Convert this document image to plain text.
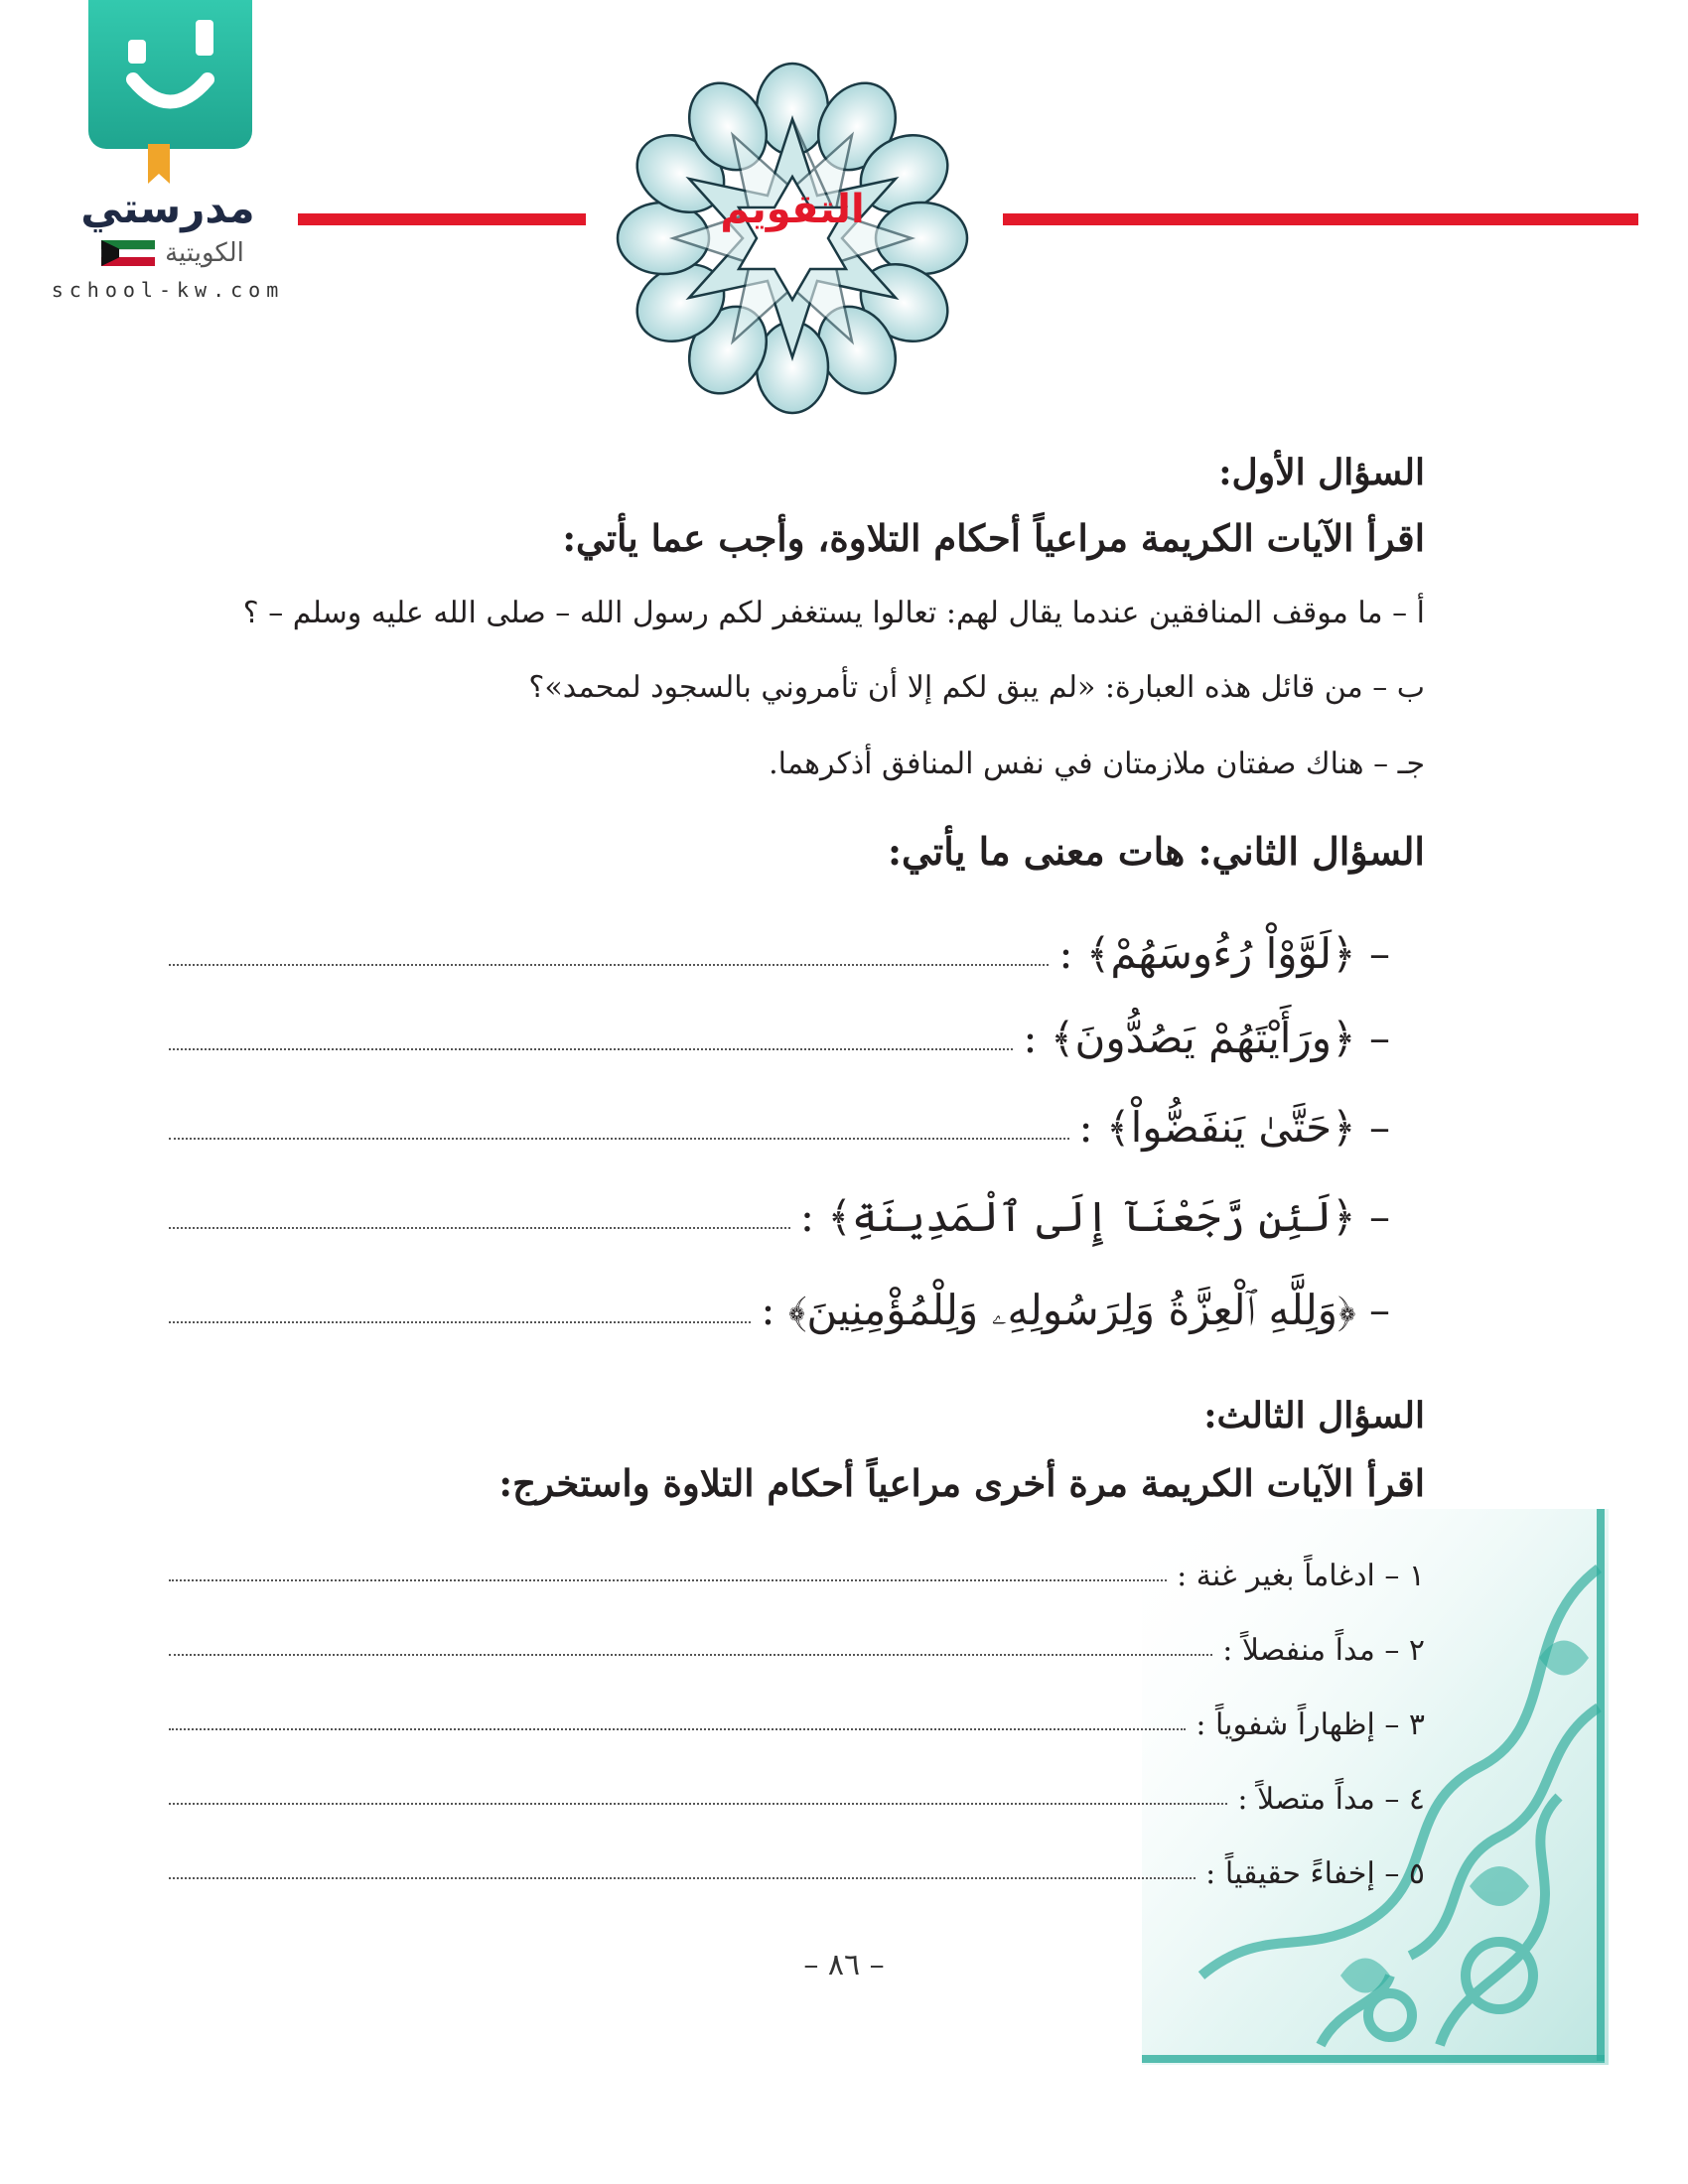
مدرستي
الكويتية
school-kw.com
التقويم
السؤال الأول:
اقرأ الآيات الكريمة مراعياً أحكام التلاوة، وأجب عما يأتي:
أ – ما موقف المنافقين عندما يقال لهم: تعالوا يستغفر لكم رسول الله – صلى الله عليه وسلم – ؟
ب – من قائل هذه العبارة: «لم يبق لكم إلا أن تأمروني بالسجود لمحمد»؟
جـ – هناك صفتان ملازمتان في نفس المنافق أذكرهما.
السؤال الثاني: هات معنى ما يأتي:
– ﴿لَوَّوْاْ رُءُوسَهُمْ﴾ :
– ﴿ورَأَيْتَهُمْ يَصُدُّونَ﴾ :
– ﴿حَتَّىٰ يَنفَضُّواْ﴾ :
– ﴿لَئِن رَّجَعْنَآ إِلَى ٱلْمَدِينَةِ﴾ :
– ﴿وَلِلَّهِ ٱلْعِزَّةُ وَلِرَسُولِهِۦ وَلِلْمُؤْمِنِينَ﴾ :
السؤال الثالث:
اقرأ الآيات الكريمة مرة أخرى مراعياً أحكام التلاوة واستخرج:
١ – ادغاماً بغير غنة :
٢ – مداً منفصلاً :
٣ – إظهاراً شفوياً :
٤ – مداً متصلاً :
٥ – إخفاءً حقيقياً :
– ٨٦ –
